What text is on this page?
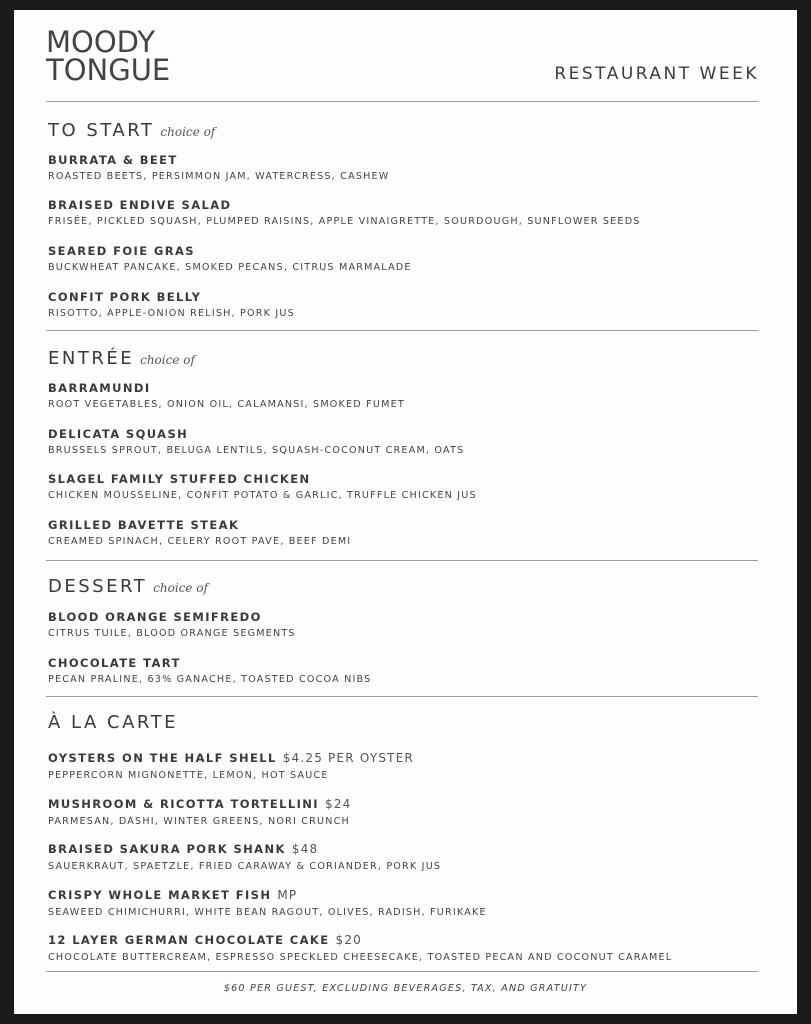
MOODY
TONGUE	RESTAURANT WEEK
TO START choice of
BURRATA & BEET
ROASTED BEETS, PERSIMMON JAM, WATERCRESS, CASHEW
BRAISED ENDIVE SALAD
FRISÉE, PICKLED SQUASH, PLUMPED RAISINS, APPLE VINAIGRETTE, SOURDOUGH, SUNFLOWER SEEDS
SEARED FOIE GRAS
BUCKWHEAT PANCAKE, SMOKED PECANS, CITRUS MARMALADE
CONFIT PORK BELLY
RISOTTO, APPLE-ONION RELISH, PORK JUS
ENTRÉE choice of
BARRAMUNDI
ROOT VEGETABLES, ONION OIL, CALAMANSI, SMOKED FUMET
DELICATA SQUASH
BRUSSELS SPROUT, BELUGA LENTILS, SQUASH-COCONUT CREAM, OATS
SLAGEL FAMILY STUFFED CHICKEN
CHICKEN MOUSSELINE, CONFIT POTATO & GARLIC, TRUFFLE CHICKEN JUS
GRILLED BAVETTE STEAK
CREAMED SPINACH, CELERY ROOT PAVE, BEEF DEMI
DESSERT choice of
BLOOD ORANGE SEMIFREDO
CITRUS TUILE, BLOOD ORANGE SEGMENTS
CHOCOLATE TART
PECAN PRALINE, 63% GANACHE, TOASTED COCOA NIBS
À LA CARTE
OYSTERS ON THE HALF SHELL $4.25 PER OYSTER
PEPPERCORN MIGNONETTE, LEMON, HOT SAUCE
MUSHROOM & RICOTTA TORTELLINI $24
PARMESAN, DASHI, WINTER GREENS, NORI CRUNCH
BRAISED SAKURA PORK SHANK $48
SAUERKRAUT, SPAETZLE, FRIED CARAWAY & CORIANDER, PORK JUS
CRISPY WHOLE MARKET FISH MP
SEAWEED CHIMICHURRI, WHITE BEAN RAGOUT, OLIVES, RADISH, FURIKAKE
12 LAYER GERMAN CHOCOLATE CAKE $20
CHOCOLATE BUTTERCREAM, ESPRESSO SPECKLED CHEESECAKE, TOASTED PECAN AND COCONUT CARAMEL
$60 PER GUEST, EXCLUDING BEVERAGES, TAX, AND GRATUITY
